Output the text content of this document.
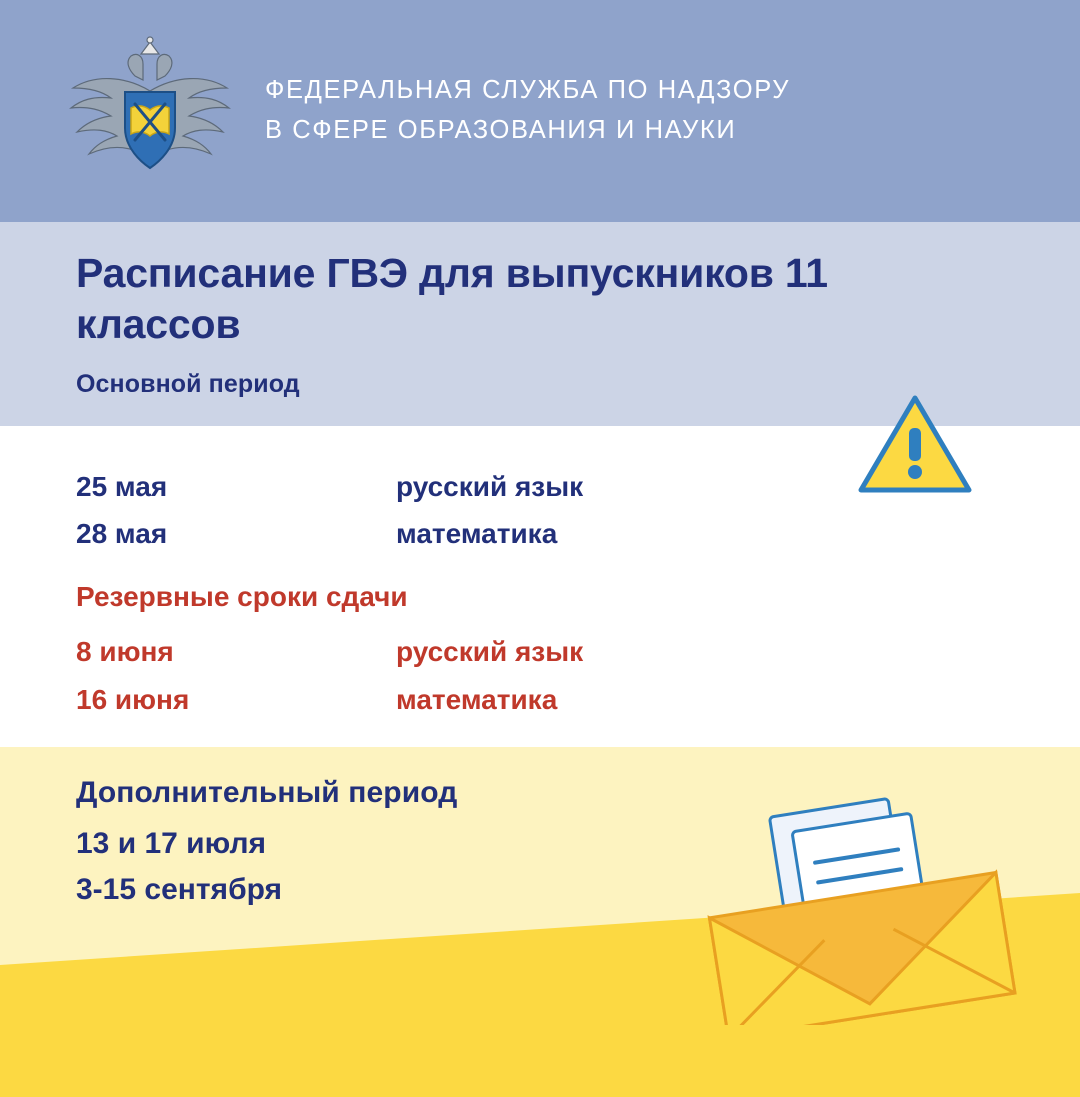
ФЕДЕРАЛЬНАЯ СЛУЖБА ПО НАДЗОРУ
В СФЕРЕ ОБРАЗОВАНИЯ И НАУКИ
Расписание ГВЭ для выпускников 11 классов
Основной период
25 мая	русский язык
28 мая	математика
Резервные сроки сдачи
8 июня	русский язык
16 июня	математика
Дополнительный период
13 и 17 июля
3-15 сентября
